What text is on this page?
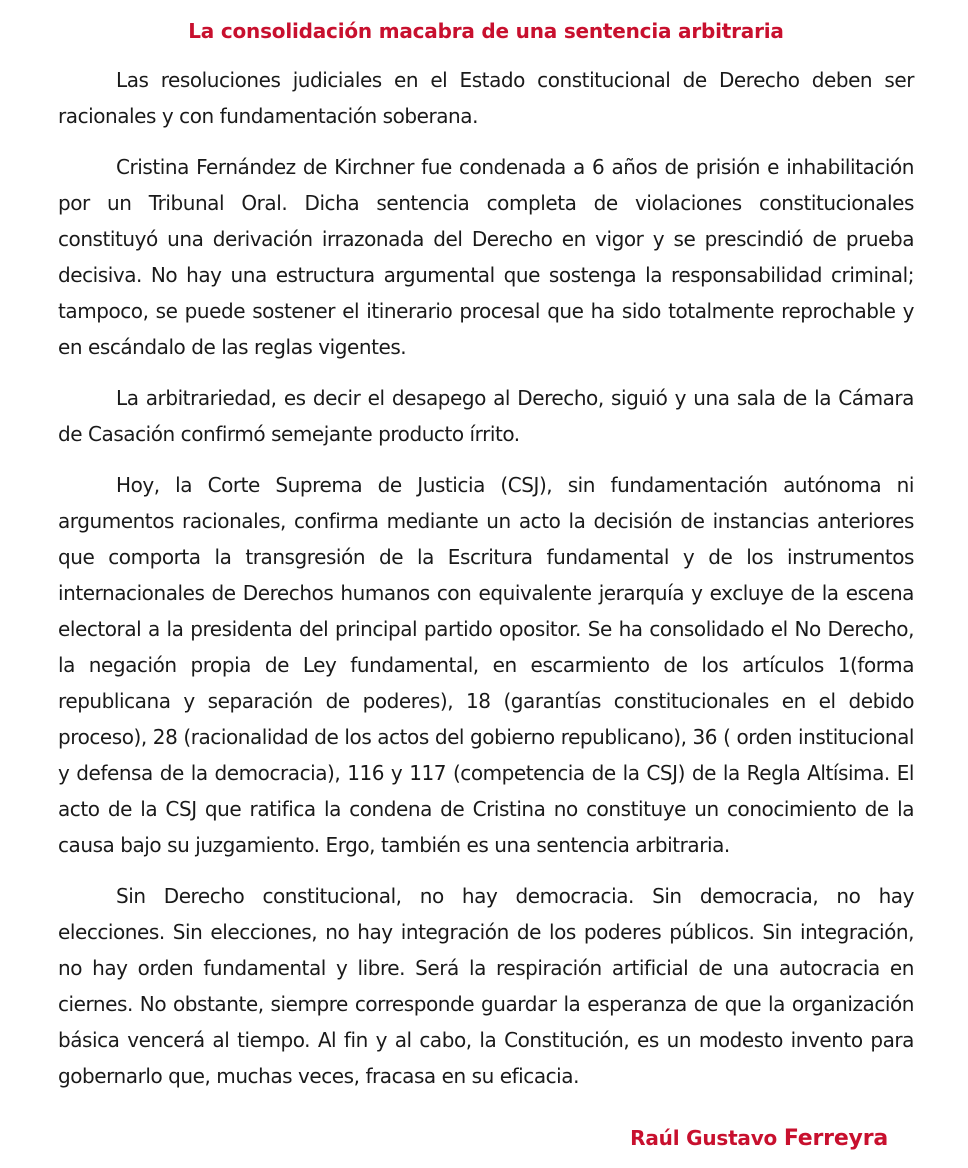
La consolidación macabra de una sentencia arbitraria

Las resoluciones judiciales en el Estado constitucional de Derecho deben ser racionales y con fundamentación soberana.

Cristina Fernández de Kirchner fue condenada a 6 años de prisión e inhabilitación por un Tribunal Oral. Dicha sentencia completa de violaciones constitucionales constituyó una derivación irrazonada del Derecho en vigor y se prescindió de prueba decisiva. No hay una estructura argumental que sostenga la responsabilidad criminal; tampoco, se puede sostener el itinerario procesal que ha sido totalmente reprochable y en escándalo de las reglas vigentes.

La arbitrariedad, es decir el desapego al Derecho, siguió y una sala de la Cámara de Casación confirmó semejante producto írrito.

Hoy, la Corte Suprema de Justicia (CSJ), sin fundamentación autónoma ni argumentos racionales, confirma mediante un acto la decisión de instancias anteriores que comporta la transgresión de la Escritura fundamental y de los instrumentos internacionales de Derechos humanos con equivalente jerarquía y excluye de la escena electoral a la presidenta del principal partido opositor. Se ha consolidado el No Derecho, la negación propia de Ley fundamental, en escarmiento de los artículos 1(forma republicana y separación de poderes), 18 (garantías constitucionales en el debido proceso), 28 (racionalidad de los actos del gobierno republicano), 36 ( orden institucional y defensa de la democracia), 116 y 117 (competencia de la CSJ) de la Regla Altísima. El acto de la CSJ que ratifica la condena de Cristina no constituye un conocimiento de la causa bajo su juzgamiento. Ergo, también es una sentencia arbitraria.

Sin Derecho constitucional, no hay democracia. Sin democracia, no hay elecciones. Sin elecciones, no hay integración de los poderes públicos. Sin integración, no hay orden fundamental y libre. Será la respiración artificial de una autocracia en ciernes. No obstante, siempre corresponde guardar la esperanza de que la organización básica vencerá al tiempo. Al fin y al cabo, la Constitución, es un modesto invento para gobernarlo que, muchas veces, fracasa en su eficacia.

Raúl Gustavo Ferreyra
